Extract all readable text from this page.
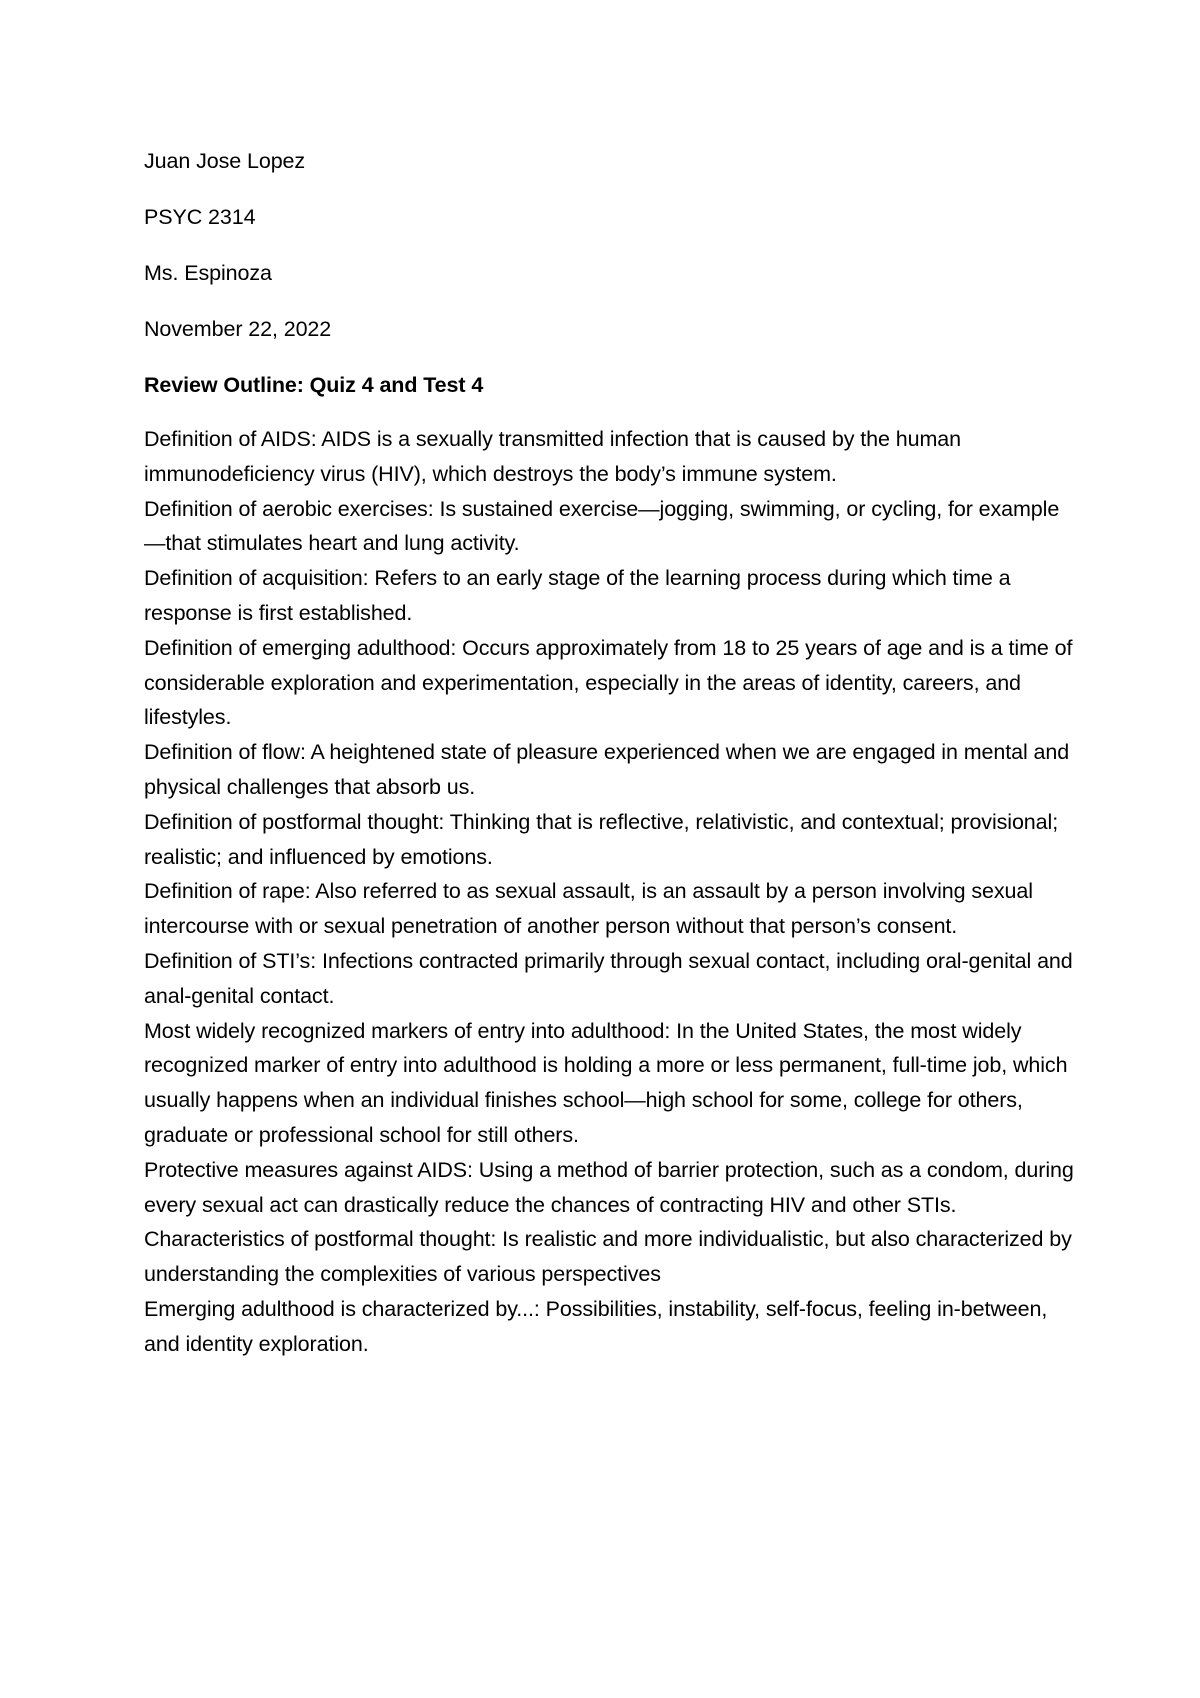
Juan Jose Lopez

PSYC 2314

Ms. Espinoza

November 22, 2022

Review Outline: Quiz 4 and Test 4

Definition of AIDS: AIDS is a sexually transmitted infection that is caused by the human immunodeficiency virus (HIV), which destroys the body’s immune system.
Definition of aerobic exercises: Is sustained exercise—jogging, swimming, or cycling, for example—that stimulates heart and lung activity.
Definition of acquisition: Refers to an early stage of the learning process during which time a response is first established.
Definition of emerging adulthood: Occurs approximately from 18 to 25 years of age and is a time of considerable exploration and experimentation, especially in the areas of identity, careers, and lifestyles.
Definition of flow: A heightened state of pleasure experienced when we are engaged in mental and physical challenges that absorb us.
Definition of postformal thought: Thinking that is reflective, relativistic, and contextual; provisional; realistic; and influenced by emotions.
Definition of rape: Also referred to as sexual assault, is an assault by a person involving sexual intercourse with or sexual penetration of another person without that person’s consent.
Definition of STI’s: Infections contracted primarily through sexual contact, including oral-genital and anal-genital contact.
Most widely recognized markers of entry into adulthood: In the United States, the most widely recognized marker of entry into adulthood is holding a more or less permanent, full-time job, which usually happens when an individual finishes school—high school for some, college for others, graduate or professional school for still others.
Protective measures against AIDS: Using a method of barrier protection, such as a condom, during every sexual act can drastically reduce the chances of contracting HIV and other STIs.
Characteristics of postformal thought: Is realistic and more individualistic, but also characterized by understanding the complexities of various perspectives
Emerging adulthood is characterized by...: Possibilities, instability, self-focus, feeling in-between, and identity exploration.
